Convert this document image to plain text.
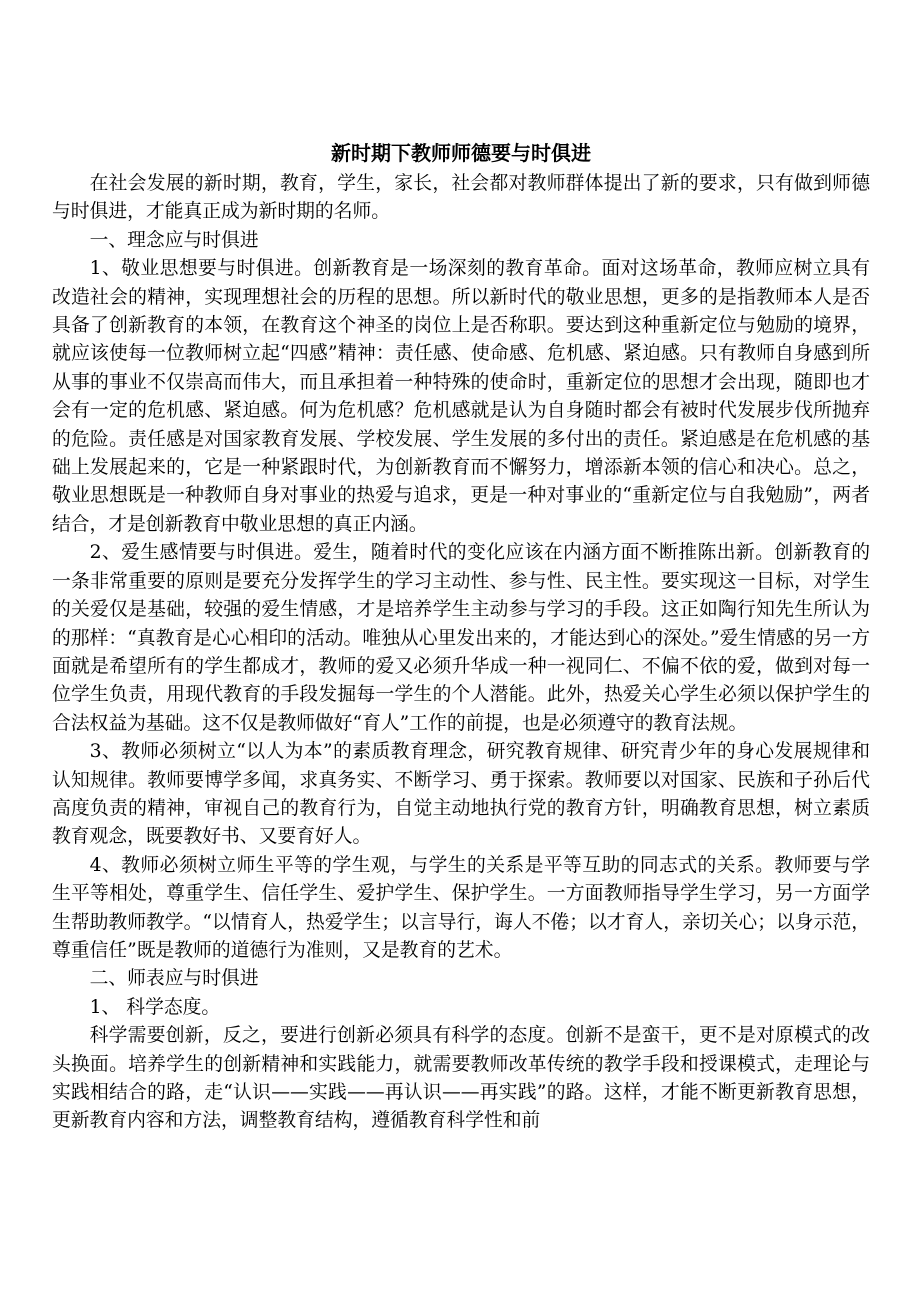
新时期下教师师德要与时俱进

在社会发展的新时期，教育，学生，家长，社会都对教师群体提出了新的要求，只有做到师德与时俱进，才能真正成为新时期的名师。

一、理念应与时俱进

1、敬业思想要与时俱进。创新教育是一场深刻的教育革命。面对这场革命，教师应树立具有改造社会的精神，实现理想社会的历程的思想。所以新时代的敬业思想，更多的是指教师本人是否具备了创新教育的本领，在教育这个神圣的岗位上是否称职。要达到这种重新定位与勉励的境界，就应该使每一位教师树立起“四感”精神：责任感、使命感、危机感、紧迫感。只有教师自身感到所从事的事业不仅崇高而伟大，而且承担着一种特殊的使命时，重新定位的思想才会出现，随即也才会有一定的危机感、紧迫感。何为危机感？危机感就是认为自身随时都会有被时代发展步伐所抛弃的危险。责任感是对国家教育发展、学校发展、学生发展的多付出的责任。紧迫感是在危机感的基础上发展起来的，它是一种紧跟时代，为创新教育而不懈努力，增添新本领的信心和决心。总之，敬业思想既是一种教师自身对事业的热爱与追求，更是一种对事业的“重新定位与自我勉励”，两者结合，才是创新教育中敬业思想的真正内涵。

2、爱生感情要与时俱进。爱生，随着时代的变化应该在内涵方面不断推陈出新。创新教育的一条非常重要的原则是要充分发挥学生的学习主动性、参与性、民主性。要实现这一目标，对学生的关爱仅是基础，较强的爱生情感，才是培养学生主动参与学习的手段。这正如陶行知先生所认为的那样：“真教育是心心相印的活动。唯独从心里发出来的，才能达到心的深处。”爱生情感的另一方面就是希望所有的学生都成才，教师的爱又必须升华成一种一视同仁、不偏不依的爱，做到对每一位学生负责，用现代教育的手段发掘每一学生的个人潜能。此外，热爱关心学生必须以保护学生的合法权益为基础。这不仅是教师做好“育人”工作的前提，也是必须遵守的教育法规。

3、教师必须树立“以人为本”的素质教育理念，研究教育规律、研究青少年的身心发展规律和认知规律。教师要博学多闻，求真务实、不断学习、勇于探索。教师要以对国家、民族和子孙后代高度负责的精神，审视自己的教育行为，自觉主动地执行党的教育方针，明确教育思想，树立素质教育观念，既要教好书、又要育好人。

4、教师必须树立师生平等的学生观，与学生的关系是平等互助的同志式的关系。教师要与学生平等相处，尊重学生、信任学生、爱护学生、保护学生。一方面教师指导学生学习，另一方面学生帮助教师教学。“以情育人，热爱学生；以言导行，诲人不倦；以才育人，亲切关心；以身示范，尊重信任”既是教师的道德行为准则，又是教育的艺术。

二、师表应与时俱进

1、 科学态度。

科学需要创新，反之，要进行创新必须具有科学的态度。创新不是蛮干，更不是对原模式的改头换面。培养学生的创新精神和实践能力，就需要教师改革传统的教学手段和授课模式，走理论与实践相结合的路，走“认识——实践——再认识——再实践”的路。这样，才能不断更新教育思想，更新教育内容和方法，调整教育结构，遵循教育科学性和前
